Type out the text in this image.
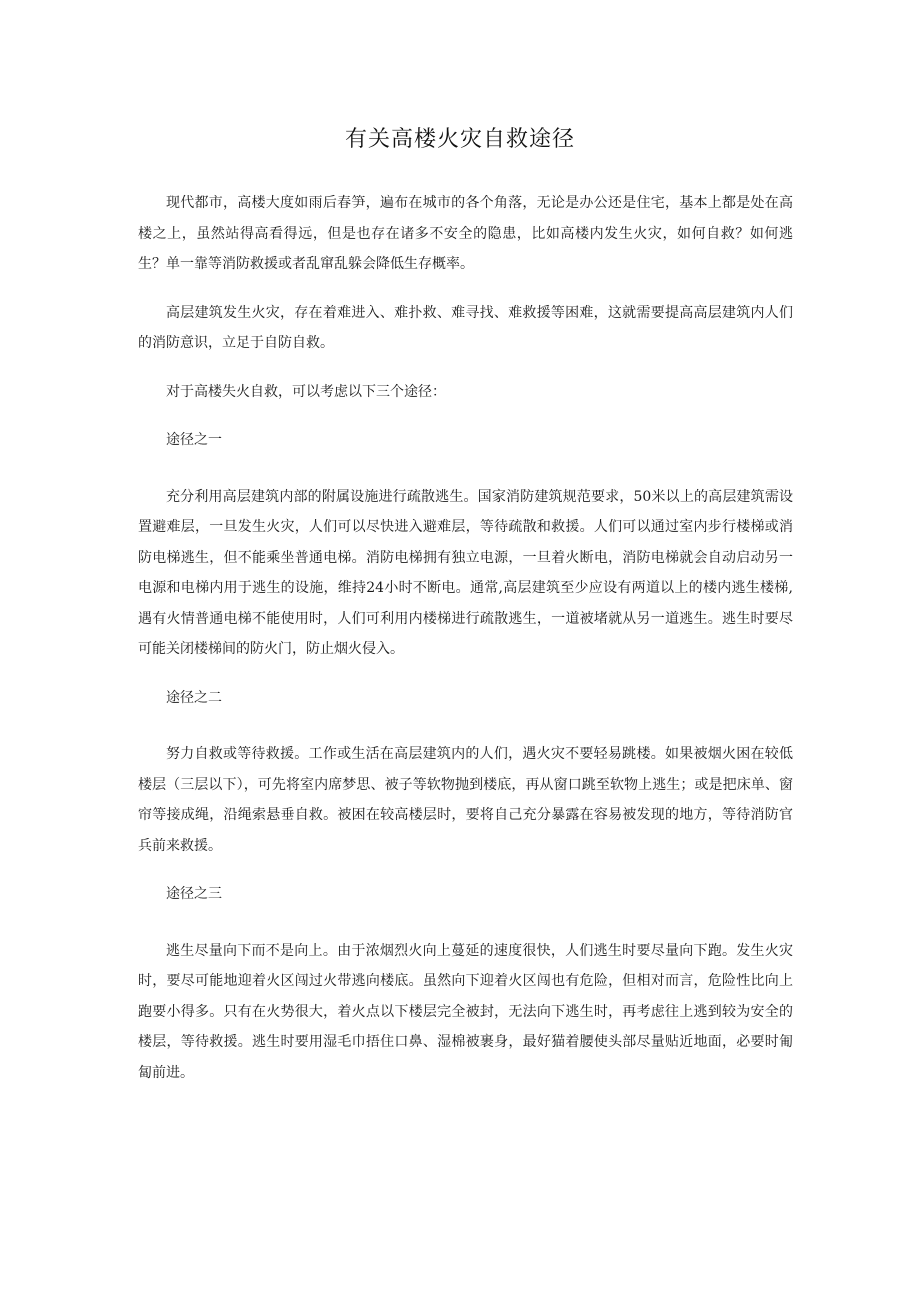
有关高楼火灾自救途径

现代都市，高楼大度如雨后春笋，遍布在城市的各个角落，无论是办公还是住宅，基本上都是处在高楼之上，虽然站得高看得远，但是也存在诸多不安全的隐患，比如高楼内发生火灾，如何自救？如何逃生？单一靠等消防救援或者乱窜乱躲会降低生存概率。

高层建筑发生火灾，存在着难进入、难扑救、难寻找、难救援等困难，这就需要提高高层建筑内人们的消防意识，立足于自防自救。

对于高楼失火自救，可以考虑以下三个途径：

途径之一

充分利用高层建筑内部的附属设施进行疏散逃生。国家消防建筑规范要求，50米以上的高层建筑需设置避难层，一旦发生火灾，人们可以尽快进入避难层，等待疏散和救援。人们可以通过室内步行楼梯或消防电梯逃生，但不能乘坐普通电梯。消防电梯拥有独立电源，一旦着火断电，消防电梯就会自动启动另一电源和电梯内用于逃生的设施，维持24小时不断电。通常,高层建筑至少应设有两道以上的楼内逃生楼梯,遇有火情普通电梯不能使用时，人们可利用内楼梯进行疏散逃生，一道被堵就从另一道逃生。逃生时要尽可能关闭楼梯间的防火门，防止烟火侵入。

途径之二

努力自救或等待救援。工作或生活在高层建筑内的人们，遇火灾不要轻易跳楼。如果被烟火困在较低楼层（三层以下），可先将室内席梦思、被子等软物抛到楼底，再从窗口跳至软物上逃生；或是把床单、窗帘等接成绳，沿绳索悬垂自救。被困在较高楼层时，要将自己充分暴露在容易被发现的地方，等待消防官兵前来救援。

途径之三

逃生尽量向下而不是向上。由于浓烟烈火向上蔓延的速度很快，人们逃生时要尽量向下跑。发生火灾时，要尽可能地迎着火区闯过火带逃向楼底。虽然向下迎着火区闯也有危险，但相对而言，危险性比向上跑要小得多。只有在火势很大，着火点以下楼层完全被封，无法向下逃生时，再考虑往上逃到较为安全的楼层，等待救援。逃生时要用湿毛巾捂住口鼻、湿棉被裹身，最好猫着腰使头部尽量贴近地面，必要时匍匐前进。
